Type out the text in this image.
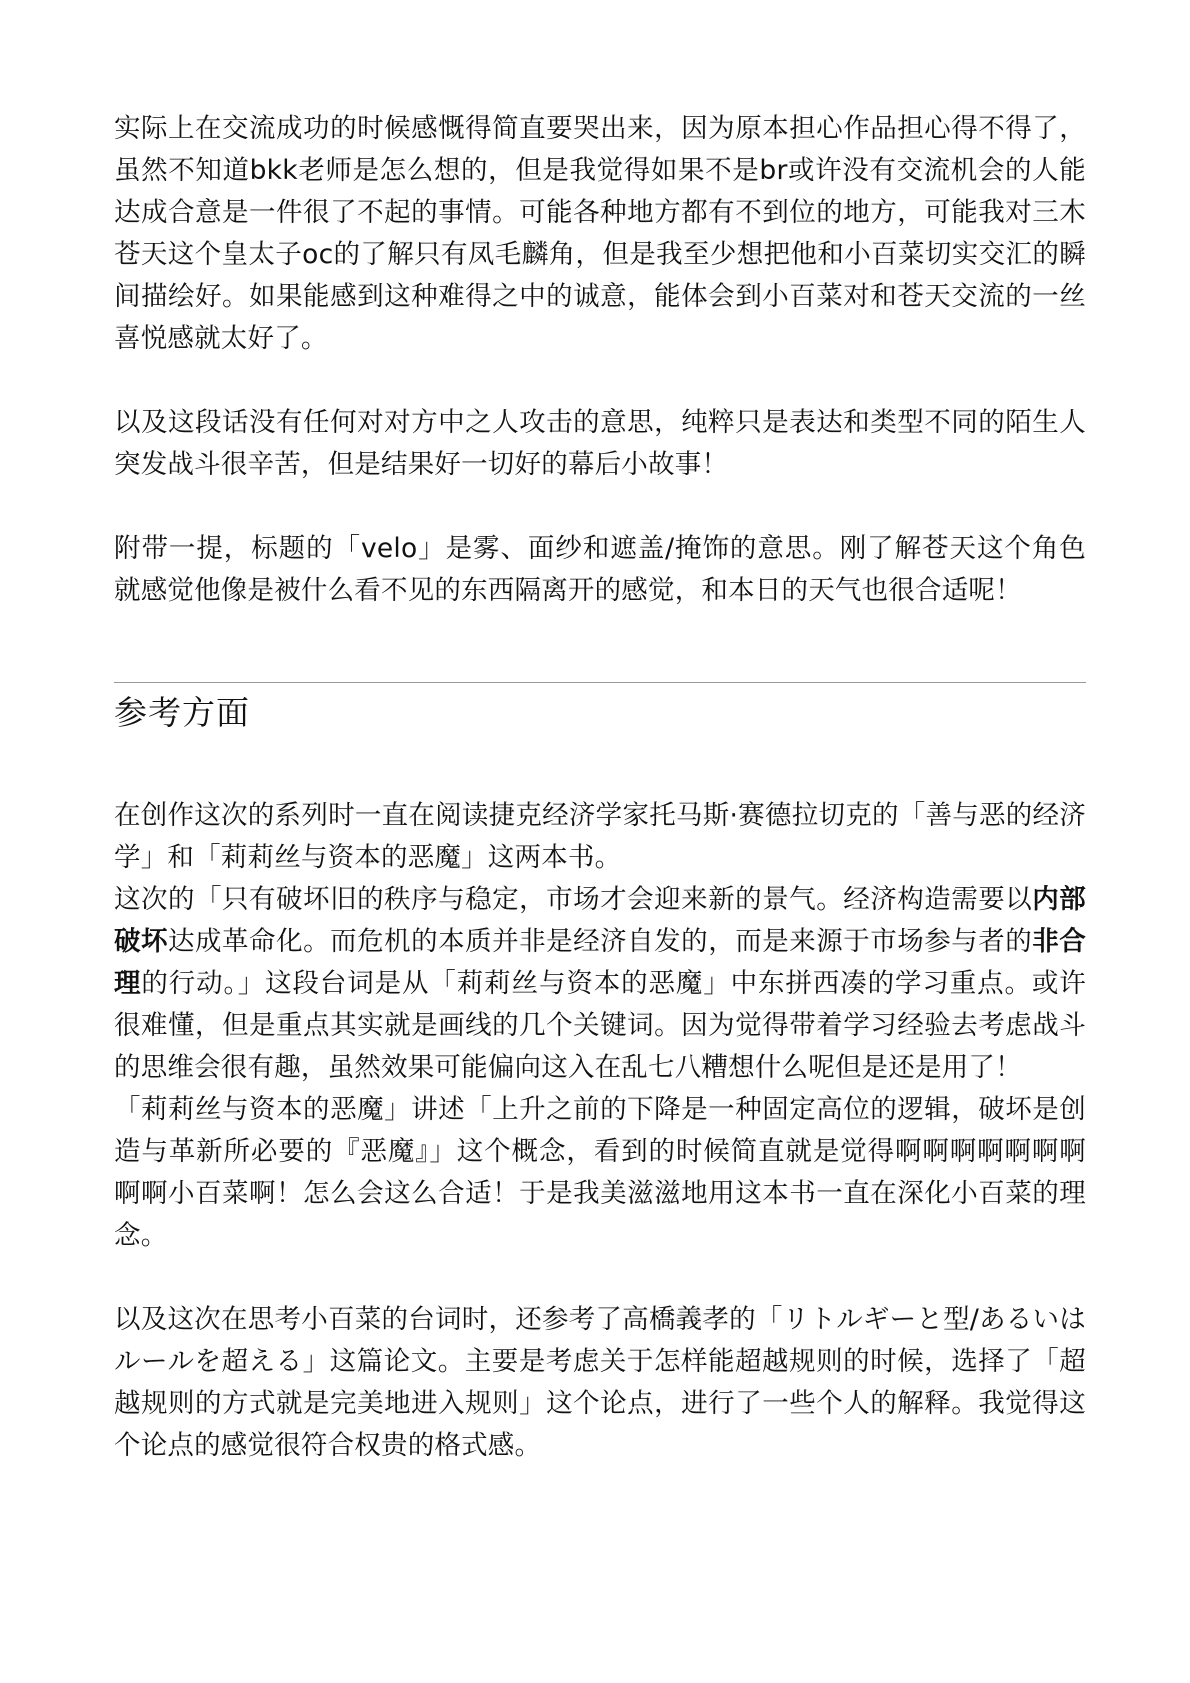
实际上在交流成功的时候感慨得简直要哭出来，因为原本担心作品担心得不得了，虽然不知道bkk老师是怎么想的，但是我觉得如果不是br或许没有交流机会的人能达成合意是一件很了不起的事情。可能各种地方都有不到位的地方，可能我对三木苍天这个皇太子oc的了解只有凤毛麟角，但是我至少想把他和小百菜切实交汇的瞬间描绘好。如果能感到这种难得之中的诚意，能体会到小百菜对和苍天交流的一丝喜悦感就太好了。

以及这段话没有任何对对方中之人攻击的意思，纯粹只是表达和类型不同的陌生人突发战斗很辛苦，但是结果好一切好的幕后小故事！

附带一提，标题的「velo」是雾、面纱和遮盖/掩饰的意思。刚了解苍天这个角色就感觉他像是被什么看不见的东西隔离开的感觉，和本日的天气也很合适呢！

参考方面

在创作这次的系列时一直在阅读捷克经济学家托马斯·赛德拉切克的「善与恶的经济学」和「莉莉丝与资本的恶魔」这两本书。

这次的「只有破坏旧的秩序与稳定，市场才会迎来新的景气。经济构造需要以内部破坏达成革命化。而危机的本质并非是经济自发的，而是来源于市场参与者的非合理的行动。」这段台词是从「莉莉丝与资本的恶魔」中东拼西凑的学习重点。或许很难懂，但是重点其实就是画线的几个关键词。因为觉得带着学习经验去考虑战斗的思维会很有趣，虽然效果可能偏向这入在乱七八糟想什么呢但是还是用了！

「莉莉丝与资本的恶魔」讲述「上升之前的下降是一种固定高位的逻辑，破坏是创造与革新所必要的『恶魔』」这个概念，看到的时候简直就是觉得啊啊啊啊啊啊啊啊啊小百菜啊！怎么会这么合适！于是我美滋滋地用这本书一直在深化小百菜的理念。

以及这次在思考小百菜的台词时，还参考了高橋義孝的「リトルギーと型/あるいはルールを超える」这篇论文。主要是考虑关于怎样能超越规则的时候，选择了「超越规则的方式就是完美地进入规则」这个论点，进行了一些个人的解释。我觉得这个论点的感觉很符合权贵的格式感。
